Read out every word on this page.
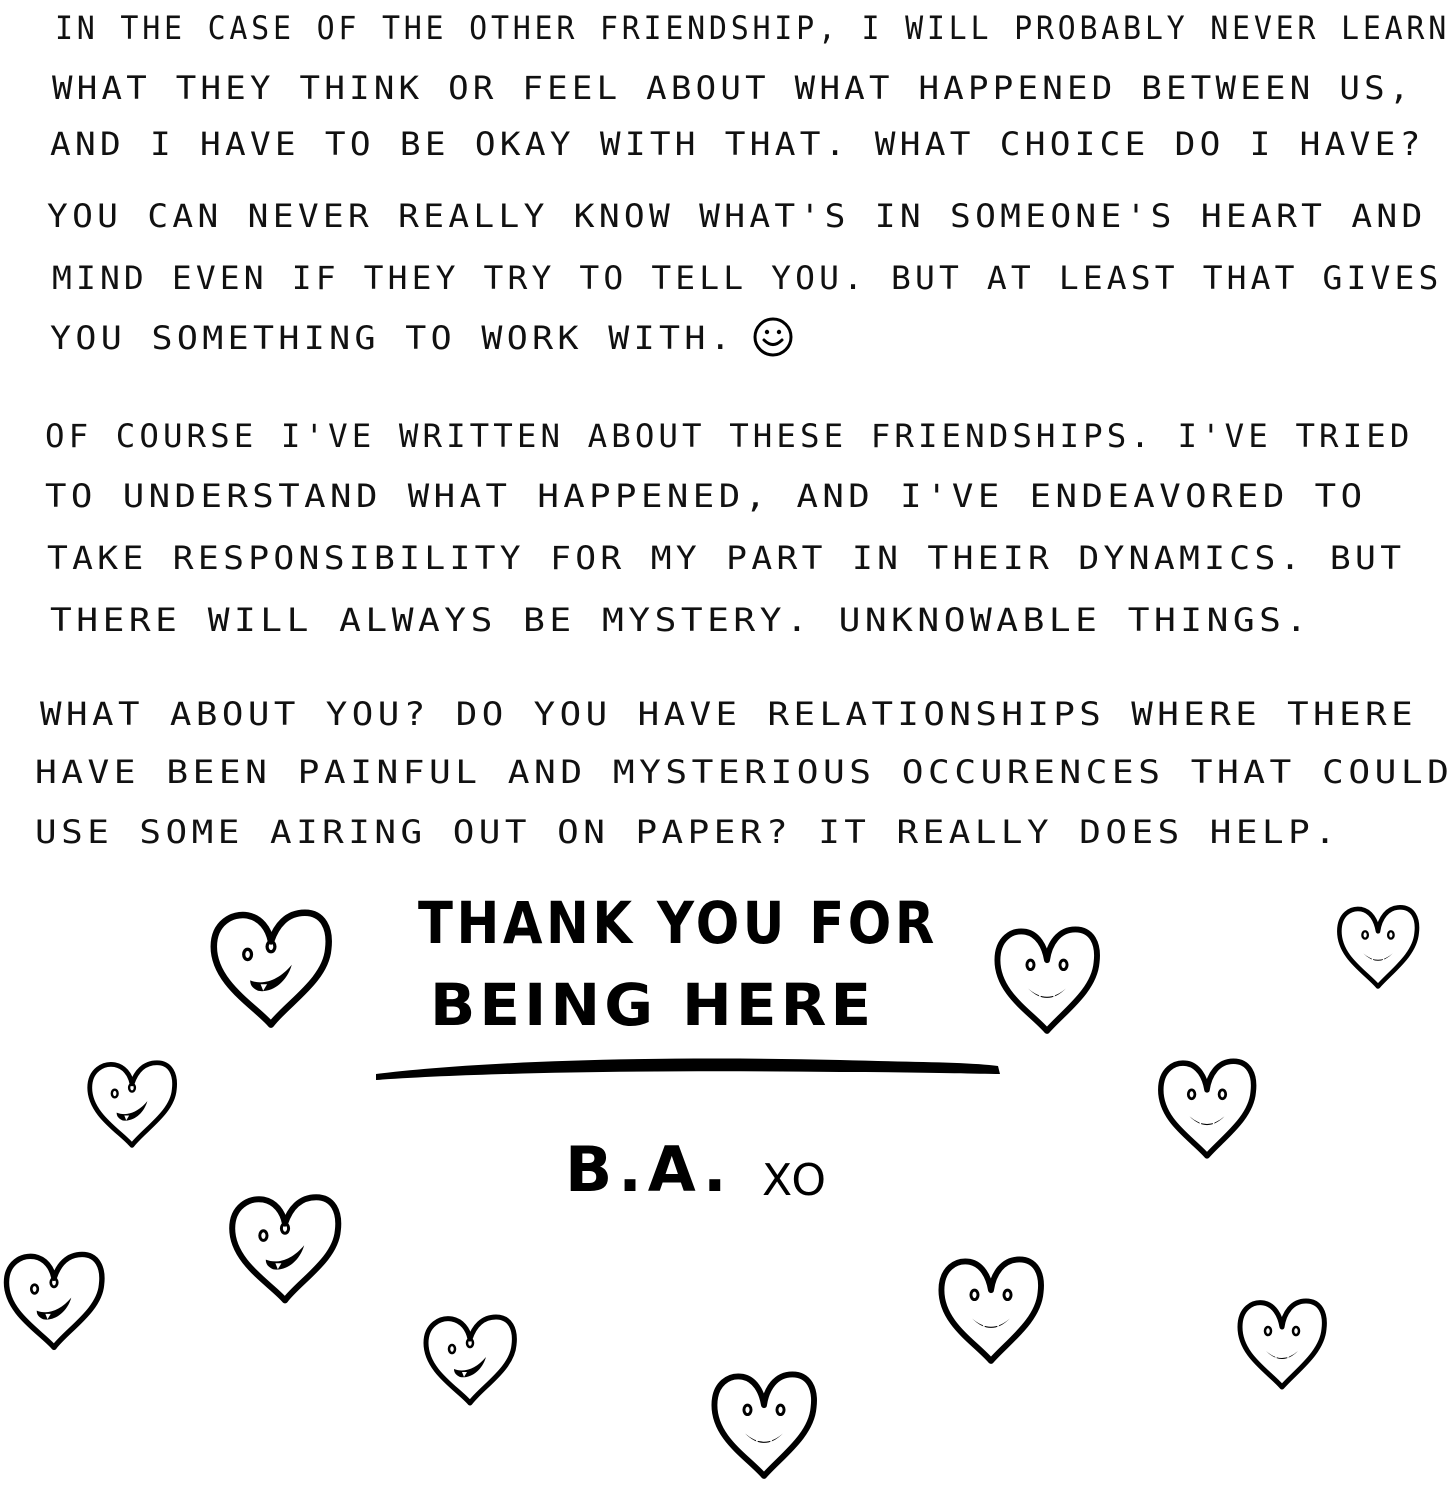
IN THE CASE OF THE OTHER FRIENDSHIP, I WILL PROBABLY NEVER LEARN
WHAT THEY THINK OR FEEL ABOUT WHAT HAPPENED BETWEEN US,
AND I HAVE TO BE OKAY WITH THAT. WHAT CHOICE DO I HAVE?
YOU CAN NEVER REALLY KNOW WHAT'S IN SOMEONE'S HEART AND
MIND EVEN IF THEY TRY TO TELL YOU. BUT AT LEAST THAT GIVES
YOU SOMETHING TO WORK WITH.
OF COURSE I'VE WRITTEN ABOUT THESE FRIENDSHIPS. I'VE TRIED
TO UNDERSTAND WHAT HAPPENED, AND I'VE ENDEAVORED TO
TAKE RESPONSIBILITY FOR MY PART IN THEIR DYNAMICS. BUT
THERE WILL ALWAYS BE MYSTERY. UNKNOWABLE THINGS.
WHAT ABOUT YOU? DO YOU HAVE RELATIONSHIPS WHERE THERE
HAVE BEEN PAINFUL AND MYSTERIOUS OCCURENCES THAT COULD
USE SOME AIRING OUT ON PAPER? IT REALLY DOES HELP.
THANK YOU FOR
BEING HERE
B.A. XO
